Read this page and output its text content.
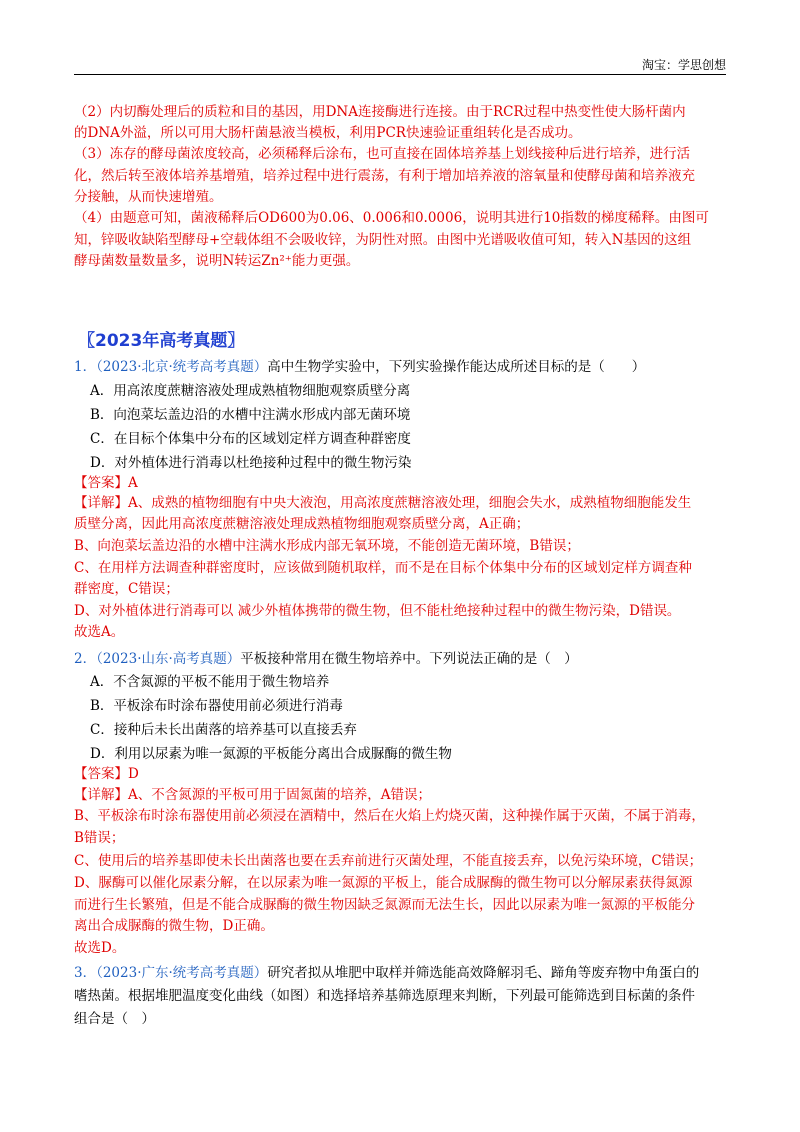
淘宝：学思创想
（2）内切酶处理后的质粒和目的基因，用DNA连接酶进行连接。由于RCR过程中热变性使大肠杆菌内
的DNA外溢，所以可用大肠杆菌悬液当模板，利用PCR快速验证重组转化是否成功。
（3）冻存的酵母菌浓度较高，必须稀释后涂布，也可直接在固体培养基上划线接种后进行培养，进行活
化，然后转至液体培养基增殖，培养过程中进行震荡，有利于增加培养液的溶氧量和使酵母菌和培养液充
分接触，从而快速增殖。
（4）由题意可知，菌液稀释后OD600为0.06、0.006和0.0006，说明其进行10指数的梯度稀释。由图可
知，锌吸收缺陷型酵母+空载体组不会吸收锌，为阴性对照。由图中光谱吸收值可知，转入N基因的这组
酵母菌数量数量多，说明N转运Zn²⁺能力更强。
〖2023年高考真题〗
1．（2023·北京·统考高考真题）高中生物学实验中，下列实验操作能达成所述目标的是（　　）
A．用高浓度蔗糖溶液处理成熟植物细胞观察质壁分离
B．向泡菜坛盖边沿的水槽中注满水形成内部无菌环境
C．在目标个体集中分布的区域划定样方调查种群密度
D．对外植体进行消毒以杜绝接种过程中的微生物污染
【答案】A
【详解】A、成熟的植物细胞有中央大液泡，用高浓度蔗糖溶液处理，细胞会失水，成熟植物细胞能发生
质壁分离，因此用高浓度蔗糖溶液处理成熟植物细胞观察质壁分离，A正确；
B、向泡菜坛盖边沿的水槽中注满水形成内部无氧环境，不能创造无菌环境，B错误；
C、在用样方法调查种群密度时，应该做到随机取样，而不是在目标个体集中分布的区域划定样方调查种
群密度，C错误；
D、对外植体进行消毒可以 减少外植体携带的微生物，但不能杜绝接种过程中的微生物污染，D错误。
故选A。
2．（2023·山东·高考真题）平板接种常用在微生物培养中。下列说法正确的是（　）
A．不含氮源的平板不能用于微生物培养
B．平板涂布时涂布器使用前必须进行消毒
C．接种后未长出菌落的培养基可以直接丢弃
D．利用以尿素为唯一氮源的平板能分离出合成脲酶的微生物
【答案】D
【详解】A、不含氮源的平板可用于固氮菌的培养，A错误；
B、平板涂布时涂布器使用前必须浸在酒精中，然后在火焰上灼烧灭菌，这种操作属于灭菌，不属于消毒，
B错误；
C、使用后的培养基即使未长出菌落也要在丢弃前进行灭菌处理，不能直接丢弃，以免污染环境，C错误；
D、脲酶可以催化尿素分解，在以尿素为唯一氮源的平板上，能合成脲酶的微生物可以分解尿素获得氮源
而进行生长繁殖，但是不能合成脲酶的微生物因缺乏氮源而无法生长，因此以尿素为唯一氮源的平板能分
离出合成脲酶的微生物，D正确。
故选D。
3．（2023·广东·统考高考真题）研究者拟从堆肥中取样并筛选能高效降解羽毛、蹄角等废弃物中角蛋白的
嗜热菌。根据堆肥温度变化曲线（如图）和选择培养基筛选原理来判断，下列最可能筛选到目标菌的条件
组合是（　）
